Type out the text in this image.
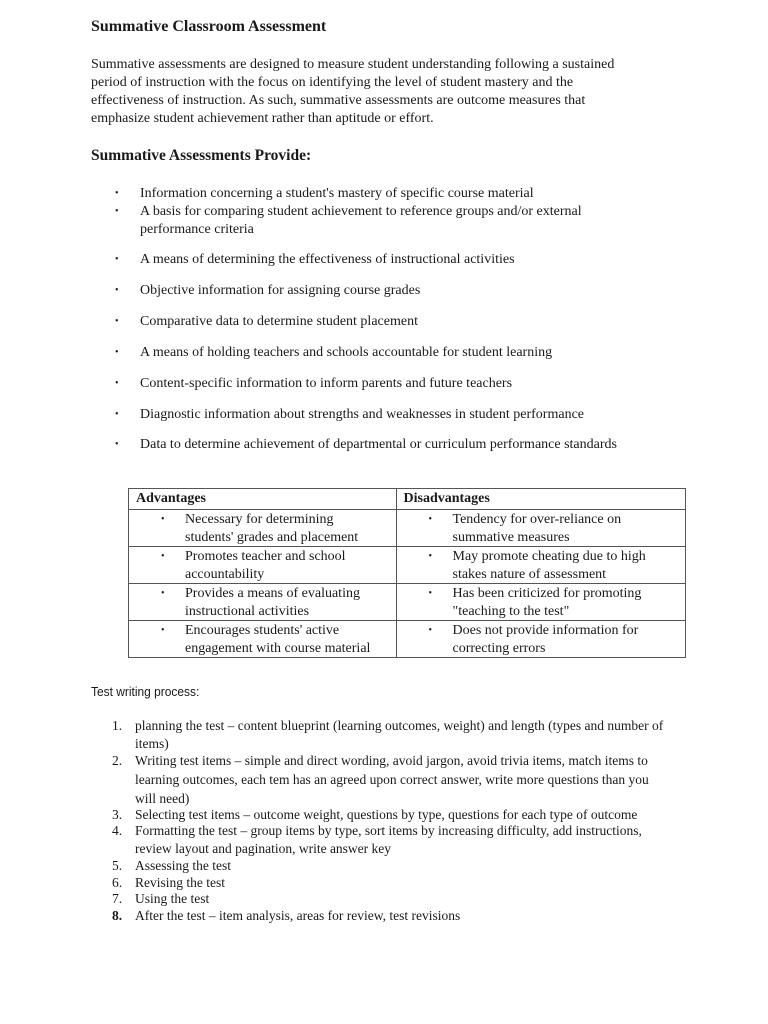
Summative Classroom Assessment
Summative assessments are designed to measure student understanding following a sustained
period of instruction with the focus on identifying the level of student mastery and the
effectiveness of instruction. As such, summative assessments are outcome measures that
emphasize student achievement rather than aptitude or effort.
Summative Assessments Provide:
• Information concerning a student's mastery of specific course material
• A basis for comparing student achievement to reference groups and/or external
performance criteria
• A means of determining the effectiveness of instructional activities
• Objective information for assigning course grades
• Comparative data to determine student placement
• A means of holding teachers and schools accountable for student learning
• Content-specific information to inform parents and future teachers
• Diagnostic information about strengths and weaknesses in student performance
• Data to determine achievement of departmental or curriculum performance standards
Advantages	Disadvantages

• Necessary for determining
students' grades and placement	• Tendency for over-reliance on
summative measures

• Promotes teacher and school
accountability	• May promote cheating due to high
stakes nature of assessment

• Provides a means of evaluating
instructional activities	• Has been criticized for promoting
"teaching to the test"

• Encourages students' active
engagement with course material	• Does not provide information for
correcting errors
Test writing process:
1. planning the test – content blueprint (learning outcomes, weight) and length (types and number of
items)
2. Writing test items – simple and direct wording, avoid jargon, avoid trivia items, match items to
learning outcomes, each tem has an agreed upon correct answer, write more questions than you
will need)
3. Selecting test items – outcome weight, questions by type, questions for each type of outcome
4. Formatting the test – group items by type, sort items by increasing difficulty, add instructions,
review layout and pagination, write answer key
5. Assessing the test
6. Revising the test
7. Using the test
8. After the test – item analysis, areas for review, test revisions
